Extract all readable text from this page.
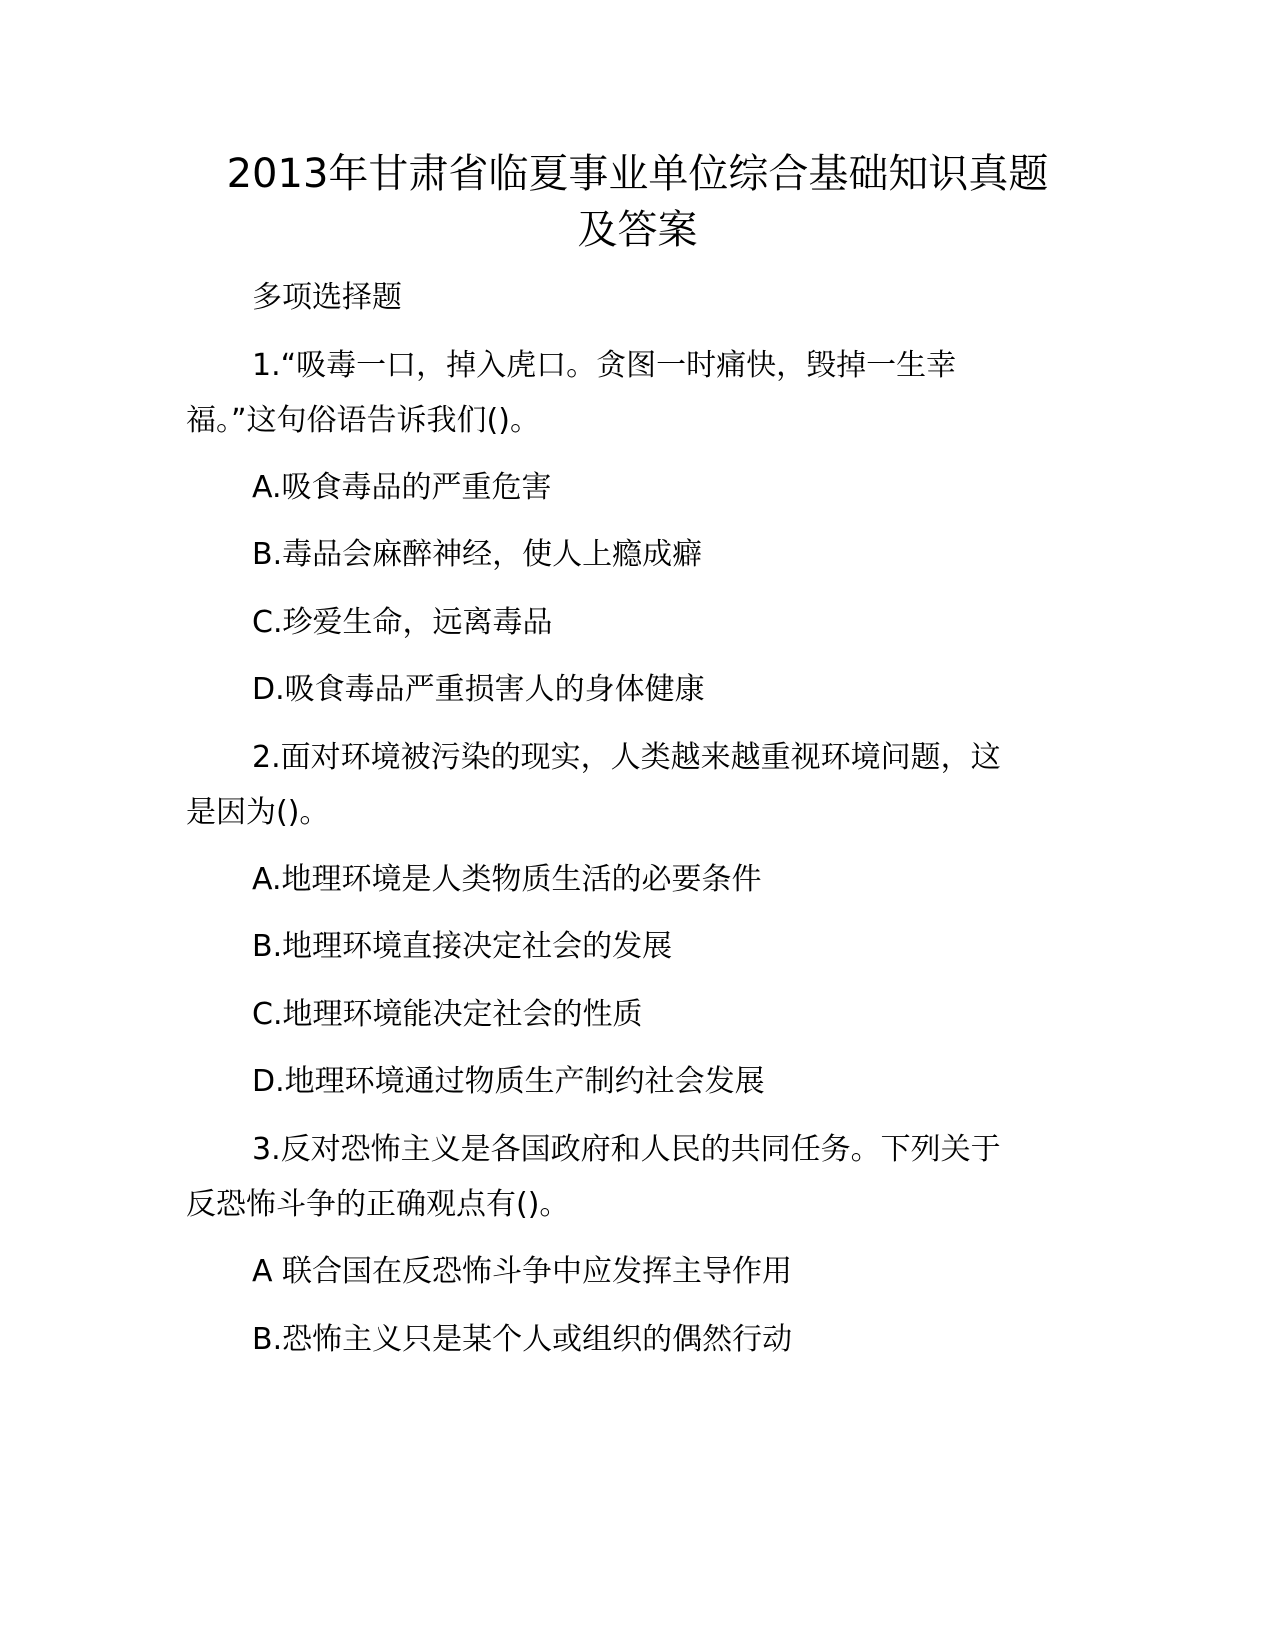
2013年甘肃省临夏事业单位综合基础知识真题
及答案

多项选择题

1.“吸毒一口，掉入虎口。贪图一时痛快，毁掉一生幸

福。”这句俗语告诉我们()。

A.吸食毒品的严重危害

B.毒品会麻醉神经，使人上瘾成癖

C.珍爱生命，远离毒品

D.吸食毒品严重损害人的身体健康

2.面对环境被污染的现实，人类越来越重视环境问题，这

是因为()。

A.地理环境是人类物质生活的必要条件

B.地理环境直接决定社会的发展

C.地理环境能决定社会的性质

D.地理环境通过物质生产制约社会发展

3.反对恐怖主义是各国政府和人民的共同任务。下列关于

反恐怖斗争的正确观点有()。

A 联合国在反恐怖斗争中应发挥主导作用

B.恐怖主义只是某个人或组织的偶然行动
